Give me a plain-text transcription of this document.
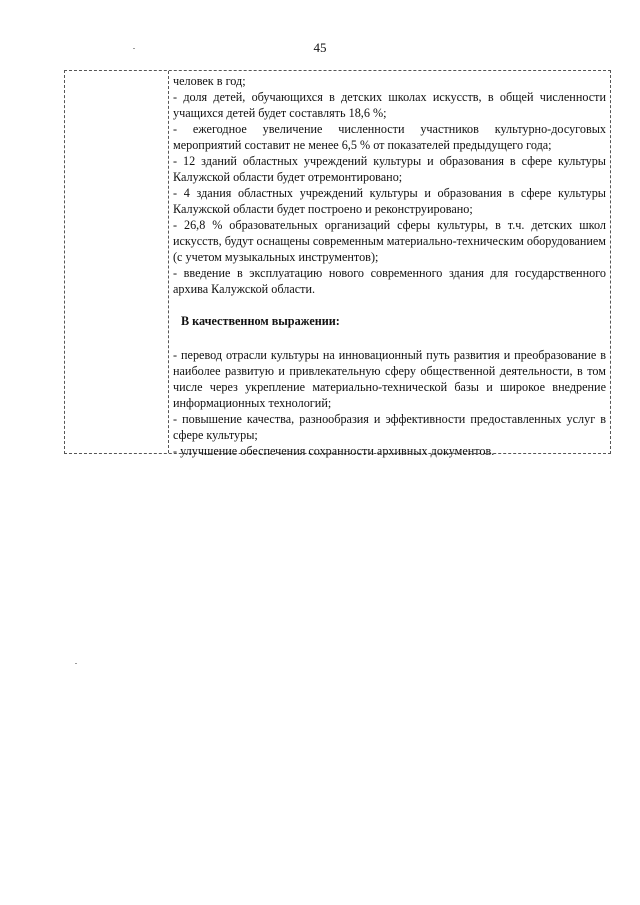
45

человек в год;

- доля детей, обучающихся в детских школах искусств, в общей численности учащихся детей будет составлять 18,6 %;
- ежегодное увеличение численности участников культурно-досуговых мероприятий составит не менее 6,5 % от показателей предыдущего года;
- 12 зданий областных учреждений культуры и образования в сфере культуры Калужской области будет отремонтировано;
- 4 здания областных учреждений культуры и образования в сфере культуры Калужской области будет построено и реконструировано;
- 26,8 % образовательных организаций сферы культуры, в т.ч. детских школ искусств, будут оснащены современным материально-техническим оборудованием (с учетом музыкальных инструментов);
- введение в эксплуатацию нового современного здания для государственного архива Калужской области.

В качественном выражении:

- перевод отрасли культуры на инновационный путь развития и преобразование в наиболее развитую и привлекательную сферу общественной деятельности, в том числе через укрепление материально-технической базы и широкое внедрение информационных технологий;
- повышение качества, разнообразия и эффективности предоставленных услуг в сфере культуры;
- улучшение обеспечения сохранности архивных документов.
